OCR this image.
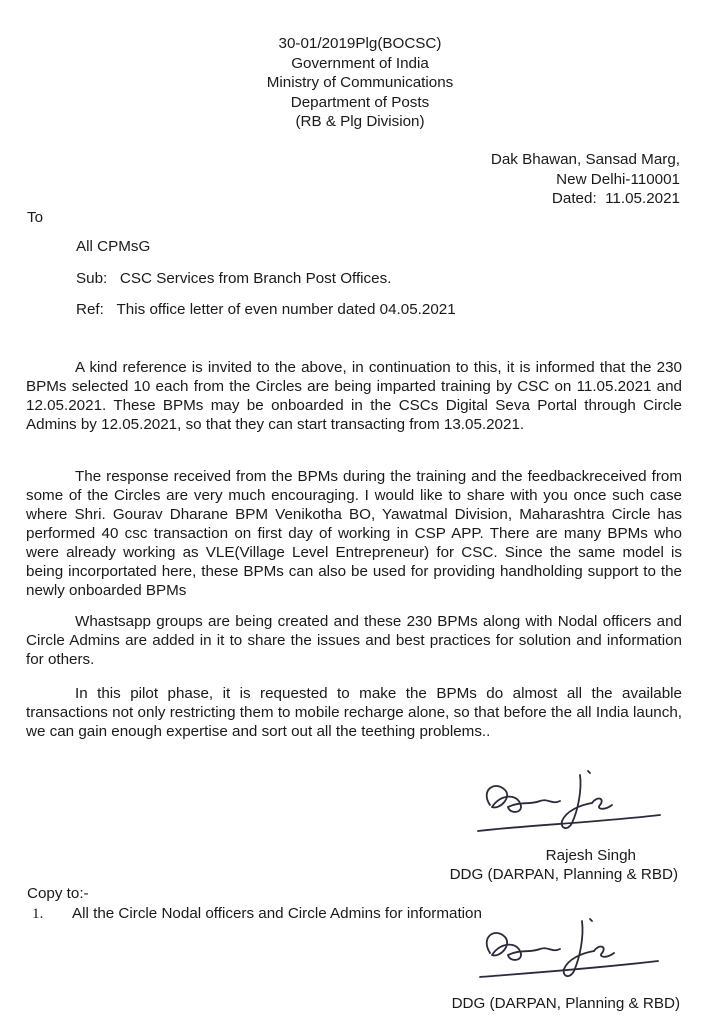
30-01/2019Plg(BOCSC)
Government of India
Ministry of Communications
Department of Posts
(RB & Plg Division)
Dak Bhawan, Sansad Marg,
New Delhi-110001
Dated:  11.05.2021
To
All CPMsG
Sub: CSC Services from Branch Post Offices.
Ref: This office letter of even number dated 04.05.2021

A kind reference is invited to the above, in continuation to this, it is informed that the 230 BPMs selected 10 each from the Circles are being imparted training by CSC on 11.05.2021 and 12.05.2021. These BPMs may be onboarded in the CSCs Digital Seva Portal through Circle Admins by 12.05.2021, so that they can start transacting from 13.05.2021.

The response received from the BPMs during the training and the feedbackreceived from some of the Circles are very much encouraging. I would like to share with you once such case where Shri. Gourav Dharane BPM Venikotha BO, Yawatmal Division, Maharashtra Circle has performed 40 csc transaction on first day of working in CSP APP. There are many BPMs who were already working as VLE(Village Level Entrepreneur) for CSC. Since the same model is being incorportated here, these BPMs can also be used for providing handholding support to the newly onboarded BPMs

Whastsapp groups are being created and these 230 BPMs along with Nodal officers and Circle Admins are added in it to share the issues and best practices for solution and information for others.

In this pilot phase, it is requested to make the BPMs do almost all the available transactions not only restricting them to mobile recharge alone, so that before the all India launch, we can gain enough expertise and sort out all the teething problems..

Rajesh Singh
DDG (DARPAN, Planning & RBD)
Copy to:-
1. All the Circle Nodal officers and Circle Admins for information
DDG (DARPAN, Planning & RBD)
